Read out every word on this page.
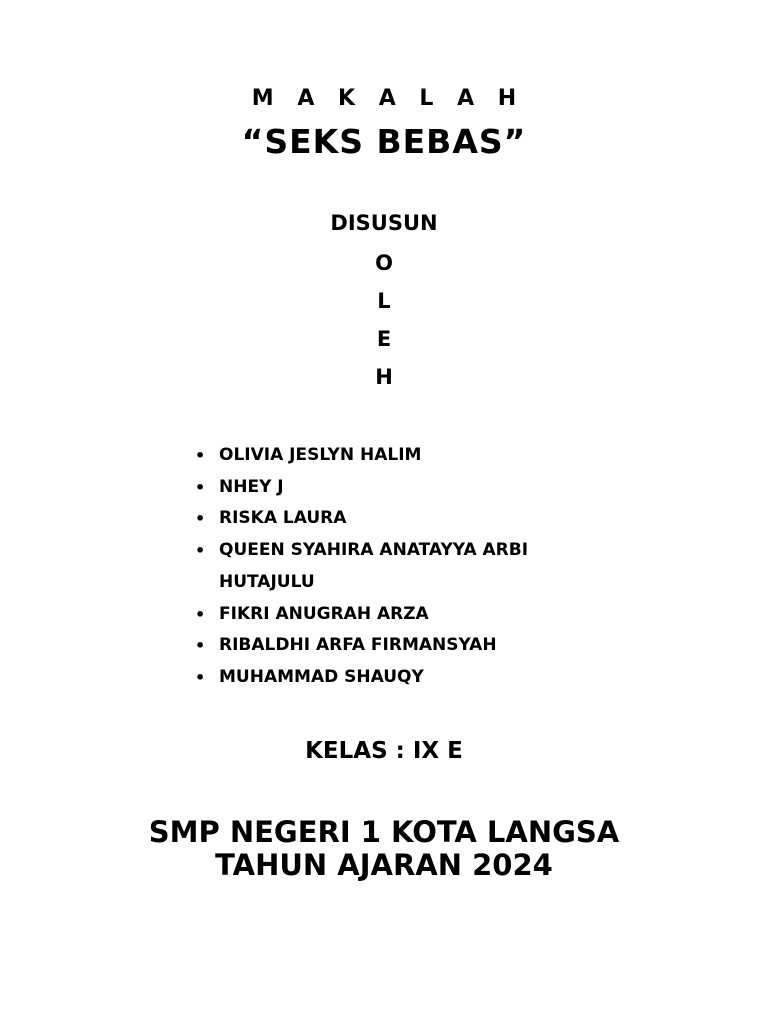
M A K A L A H
“SEKS BEBAS”
DISUSUN
O
L
E
H
• OLIVIA JESLYN HALIM
• NHEY J
• RISKA LAURA
• QUEEN SYAHIRA ANATAYYA ARBI HUTAJULU
• FIKRI ANUGRAH ARZA
• RIBALDHI ARFA FIRMANSYAH
• MUHAMMAD SHAUQY
KELAS : IX E
SMP NEGERI 1 KOTA LANGSA
TAHUN AJARAN 2024
